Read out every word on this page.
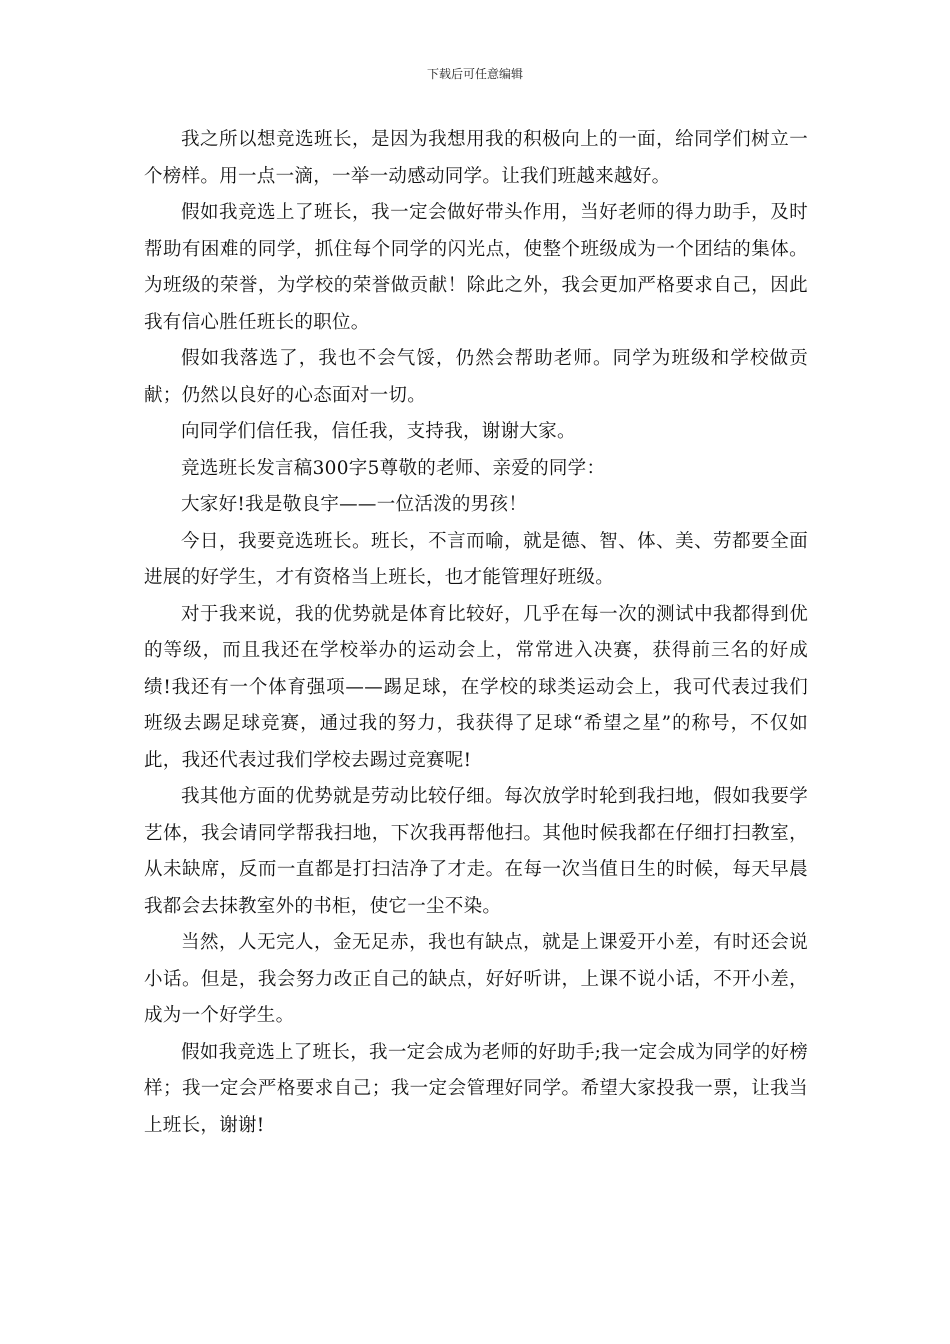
下载后可任意编辑

我之所以想竞选班长，是因为我想用我的积极向上的一面，给同学们树立一个榜样。用一点一滴，一举一动感动同学。让我们班越来越好。

假如我竞选上了班长，我一定会做好带头作用，当好老师的得力助手，及时帮助有困难的同学，抓住每个同学的闪光点，使整个班级成为一个团结的集体。为班级的荣誉，为学校的荣誉做贡献！除此之外，我会更加严格要求自己，因此我有信心胜任班长的职位。

假如我落选了，我也不会气馁，仍然会帮助老师。同学为班级和学校做贡献；仍然以良好的心态面对一切。

向同学们信任我，信任我，支持我，谢谢大家。

竞选班长发言稿300字5尊敬的老师、亲爱的同学：

大家好!我是敬良宇——一位活泼的男孩！

今日，我要竞选班长。班长，不言而喻，就是德、智、体、美、劳都要全面进展的好学生，才有资格当上班长，也才能管理好班级。

对于我来说，我的优势就是体育比较好，几乎在每一次的测试中我都得到优的等级，而且我还在学校举办的运动会上，常常进入决赛，获得前三名的好成绩!我还有一个体育强项——踢足球，在学校的球类运动会上，我可代表过我们班级去踢足球竞赛，通过我的努力，我获得了足球“希望之星”的称号，不仅如此，我还代表过我们学校去踢过竞赛呢!

我其他方面的优势就是劳动比较仔细。每次放学时轮到我扫地，假如我要学艺体，我会请同学帮我扫地，下次我再帮他扫。其他时候我都在仔细打扫教室，从未缺席，反而一直都是打扫洁净了才走。在每一次当值日生的时候，每天早晨我都会去抹教室外的书柜，使它一尘不染。

当然，人无完人，金无足赤，我也有缺点，就是上课爱开小差，有时还会说小话。但是，我会努力改正自己的缺点，好好听讲，上课不说小话，不开小差，成为一个好学生。

假如我竞选上了班长，我一定会成为老师的好助手;我一定会成为同学的好榜样；我一定会严格要求自己；我一定会管理好同学。希望大家投我一票，让我当上班长，谢谢!
